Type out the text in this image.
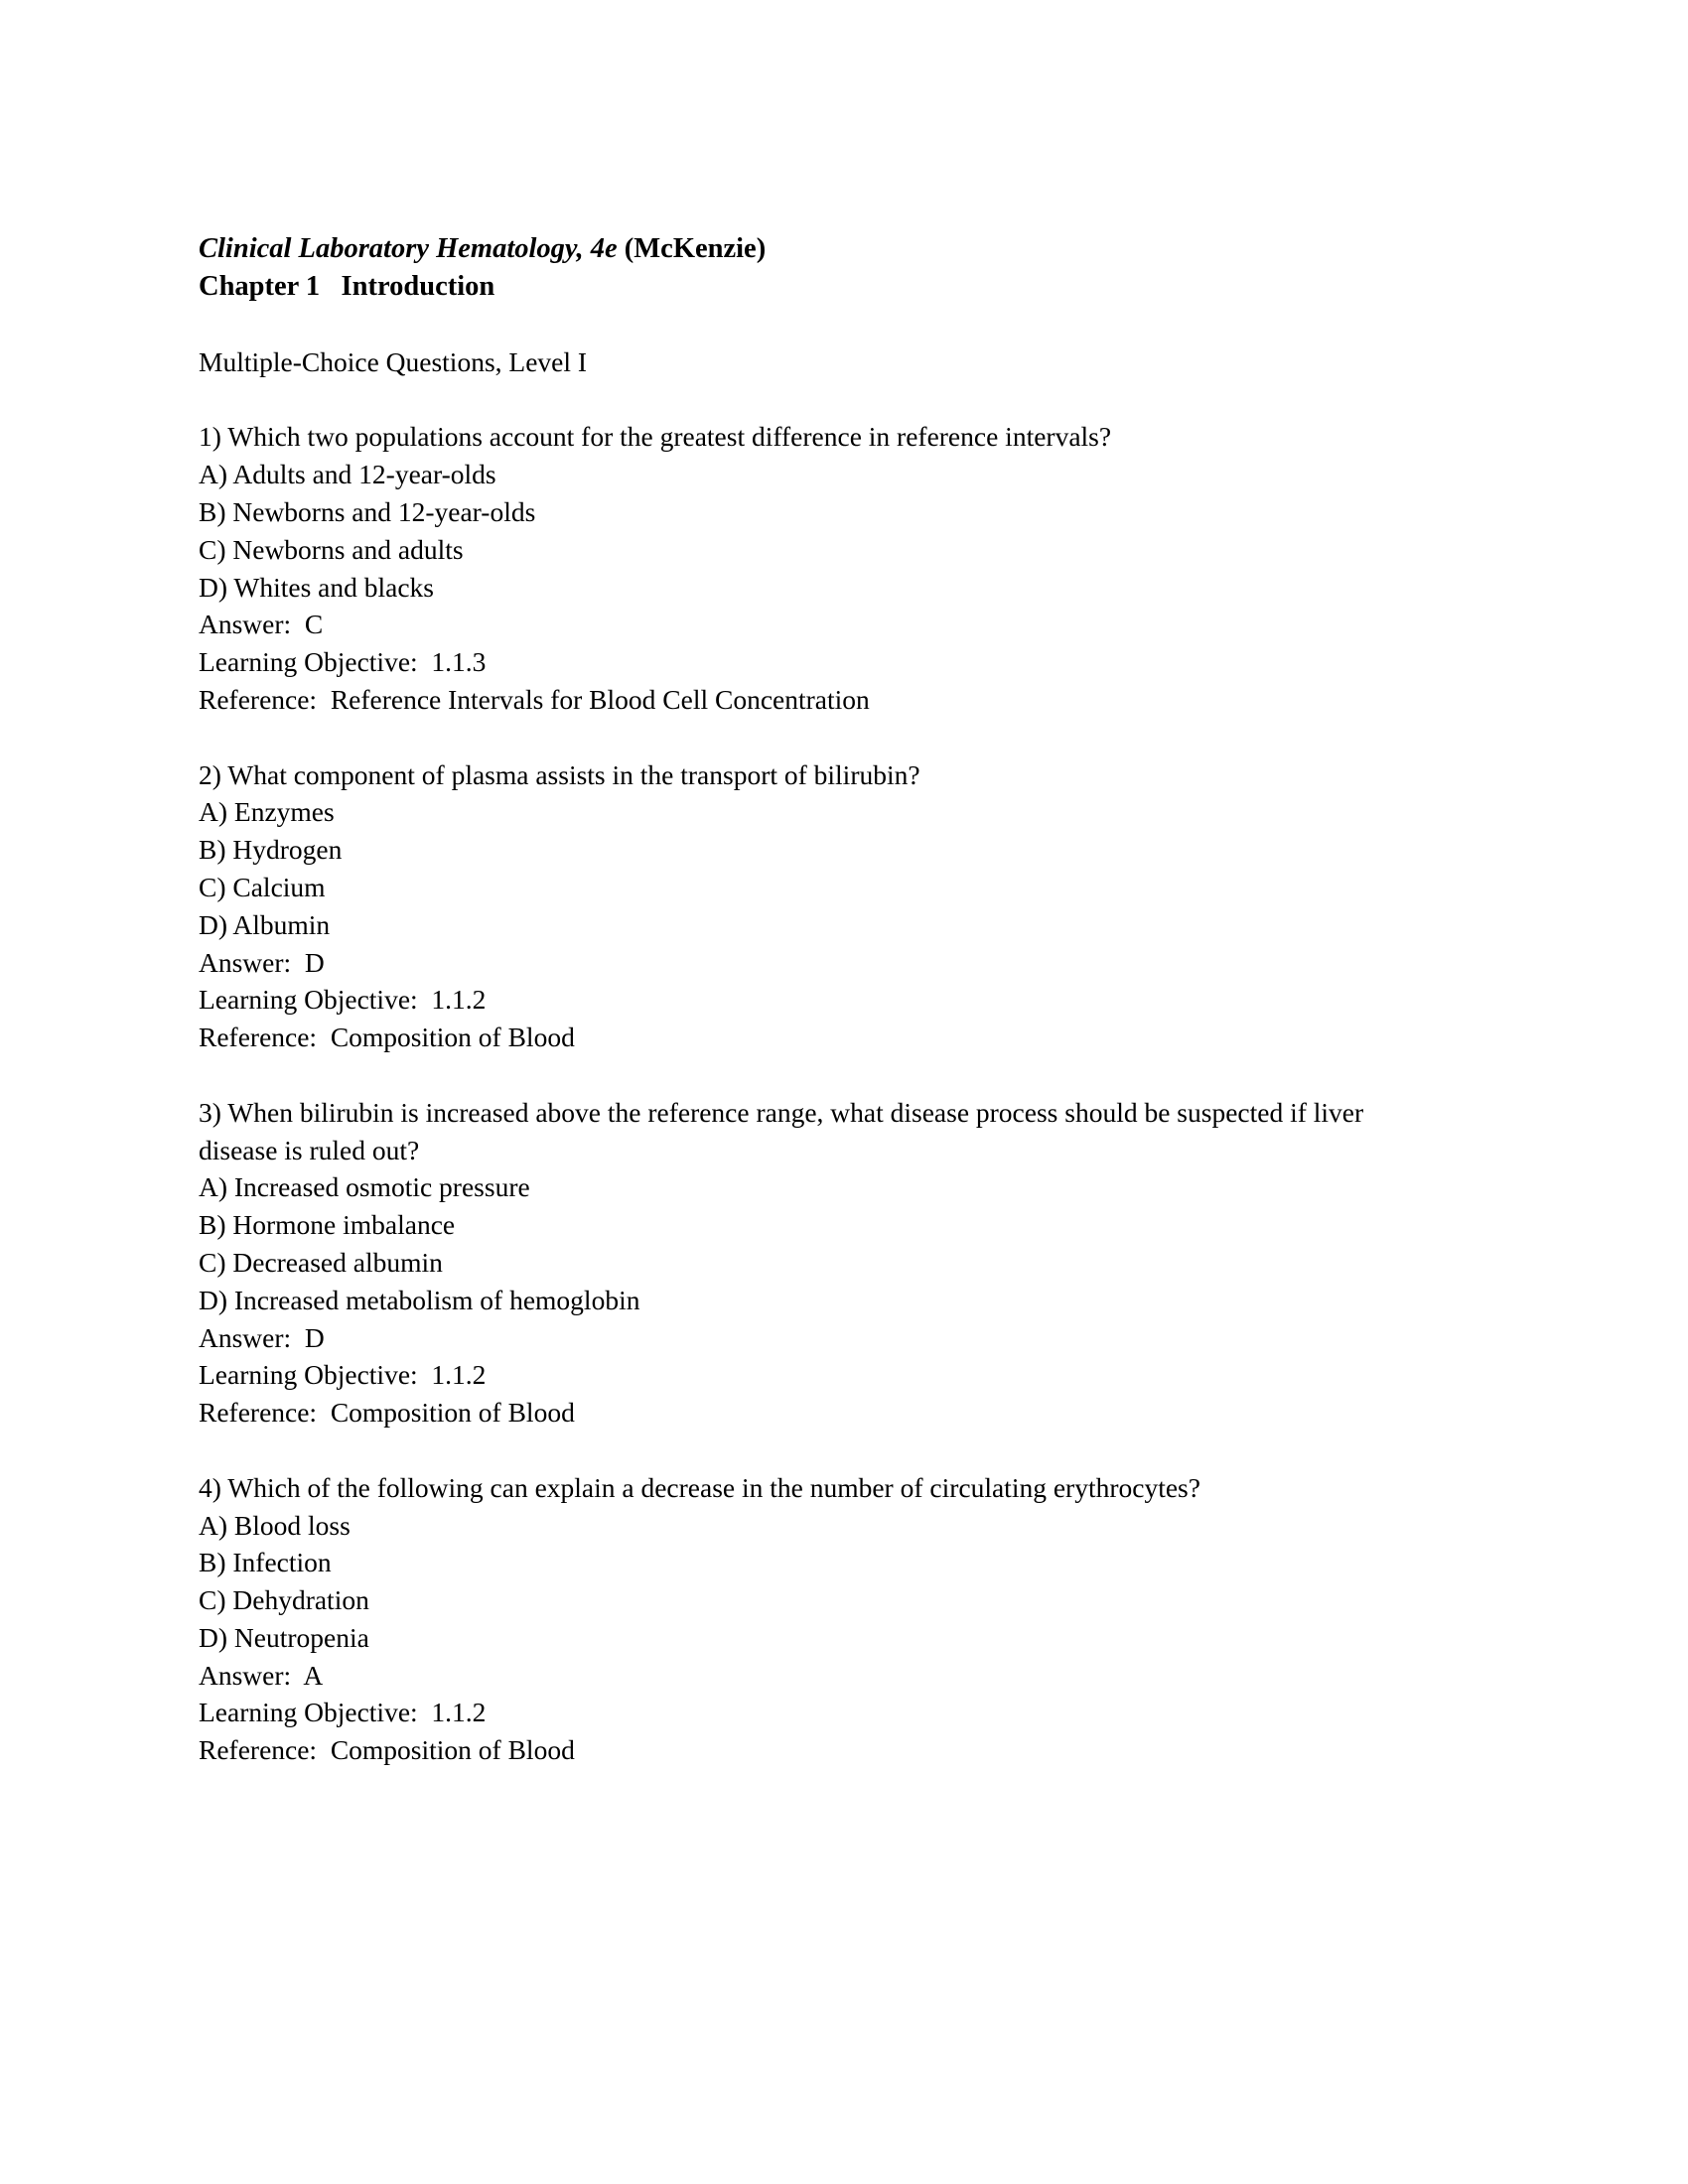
Clinical Laboratory Hematology, 4e (McKenzie)
Chapter 1   Introduction

Multiple-Choice Questions, Level I

1) Which two populations account for the greatest difference in reference intervals?
A) Adults and 12-year-olds
B) Newborns and 12-year-olds
C) Newborns and adults
D) Whites and blacks
Answer:  C
Learning Objective:  1.1.3
Reference:  Reference Intervals for Blood Cell Concentration

2) What component of plasma assists in the transport of bilirubin?
A) Enzymes
B) Hydrogen
C) Calcium
D) Albumin
Answer:  D
Learning Objective:  1.1.2
Reference:  Composition of Blood

3) When bilirubin is increased above the reference range, what disease process should be suspected if liver disease is ruled out?
A) Increased osmotic pressure
B) Hormone imbalance
C) Decreased albumin
D) Increased metabolism of hemoglobin
Answer:  D
Learning Objective:  1.1.2
Reference:  Composition of Blood

4) Which of the following can explain a decrease in the number of circulating erythrocytes?
A) Blood loss
B) Infection
C) Dehydration
D) Neutropenia
Answer:  A
Learning Objective:  1.1.2
Reference:  Composition of Blood
